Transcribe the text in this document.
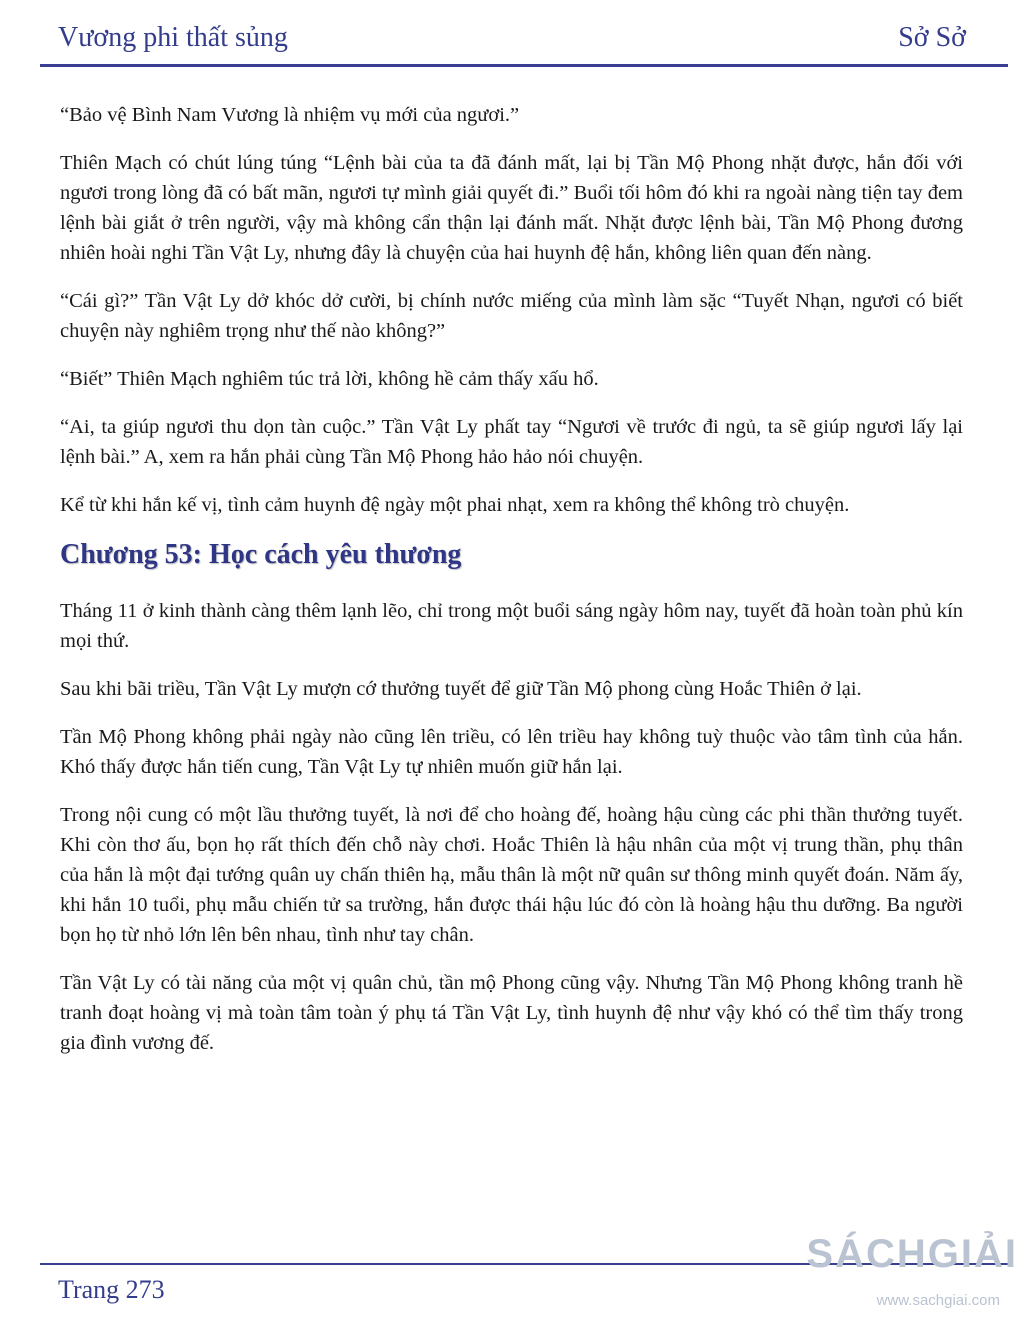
Vương phi thất sủng	Sở Sở

“Bảo vệ Bình Nam Vương là nhiệm vụ mới của ngươi.”

Thiên Mạch có chút lúng túng “Lệnh bài của ta đã đánh mất, lại bị Tần Mộ Phong nhặt được, hắn đối với ngươi trong lòng đã có bất mãn, ngươi tự mình giải quyết đi.” Buổi tối hôm đó khi ra ngoài nàng tiện tay đem lệnh bài giắt ở trên người, vậy mà không cẩn thận lại đánh mất. Nhặt được lệnh bài, Tần Mộ Phong đương nhiên hoài nghi Tần Vật Ly, nhưng đây là chuyện của hai huynh đệ hắn, không liên quan đến nàng.

“Cái gì?” Tần Vật Ly dở khóc dở cười, bị chính nước miếng của mình làm sặc “Tuyết Nhạn, ngươi có biết chuyện này nghiêm trọng như thế nào không?”

“Biết” Thiên Mạch nghiêm túc trả lời, không hề cảm thấy xấu hổ.

“Ai, ta giúp ngươi thu dọn tàn cuộc.” Tần Vật Ly phất tay “Ngươi về trước đi ngủ, ta sẽ giúp ngươi lấy lại lệnh bài.” A, xem ra hắn phải cùng Tần Mộ Phong hảo hảo nói chuyện.

Kể từ khi hắn kế vị, tình cảm huynh đệ ngày một phai nhạt, xem ra không thể không trò chuyện.

Chương 53: Học cách yêu thương

Tháng 11 ở kinh thành càng thêm lạnh lẽo, chỉ trong một buổi sáng ngày hôm nay, tuyết đã hoàn toàn phủ kín mọi thứ.

Sau khi bãi triều, Tần Vật Ly mượn cớ thưởng tuyết để giữ Tần Mộ phong cùng Hoắc Thiên ở lại.

Tần Mộ Phong không phải ngày nào cũng lên triều, có lên triều hay không tuỳ thuộc vào tâm tình của hắn. Khó thấy được hắn tiến cung, Tần Vật Ly tự nhiên muốn giữ hắn lại.

Trong nội cung có một lầu thưởng tuyết, là nơi để cho hoàng đế, hoàng hậu cùng các phi thần thưởng tuyết. Khi còn thơ ấu, bọn họ rất thích đến chỗ này chơi. Hoắc Thiên là hậu nhân của một vị trung thần, phụ thân của hắn là một đại tướng quân uy chấn thiên hạ, mẫu thân là một nữ quân sư thông minh quyết đoán. Năm ấy, khi hắn 10 tuổi, phụ mẫu chiến tử sa trường, hắn được thái hậu lúc đó còn là hoàng hậu thu dưỡng. Ba người bọn họ từ nhỏ lớn lên bên nhau, tình như tay chân.

Tần Vật Ly có tài năng của một vị quân chủ, tần mộ Phong cũng vậy. Nhưng Tần Mộ Phong không tranh hề tranh đoạt hoàng vị mà toàn tâm toàn ý phụ tá Tần Vật Ly, tình huynh đệ như vậy khó có thể tìm thấy trong gia đình vương đế.

Trang 273
SÁCHGIẢI
www.sachgiai.com
